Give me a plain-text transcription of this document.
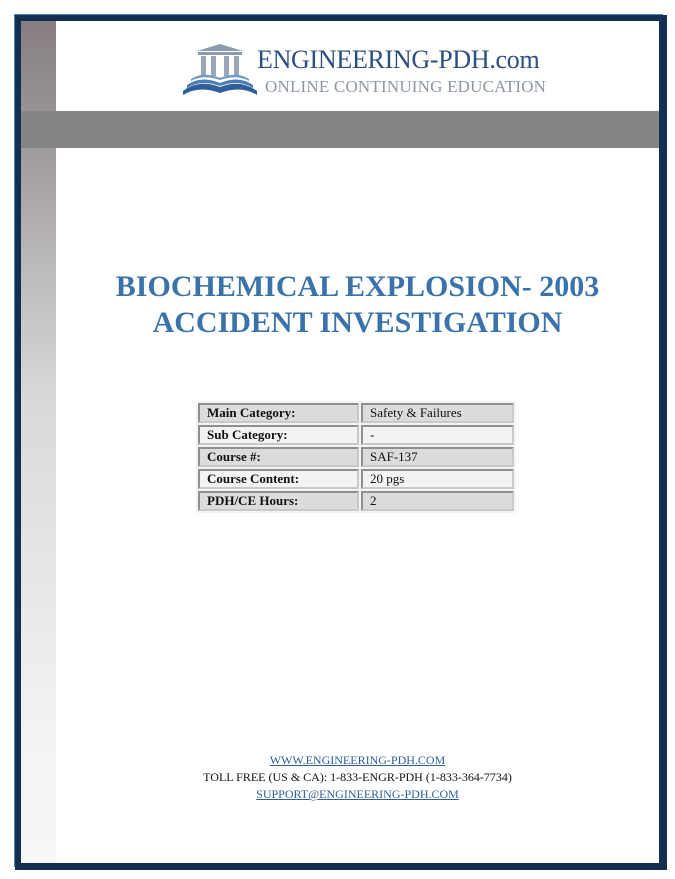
ENGINEERING-PDH.com
ONLINE CONTINUING EDUCATION
BIOCHEMICAL EXPLOSION- 2003
ACCIDENT INVESTIGATION
Main Category:	Safety & Failures
Sub Category:	-
Course #:	SAF-137
Course Content:	20 pgs
PDH/CE Hours:	2
WWW.ENGINEERING-PDH.COM
TOLL FREE (US & CA): 1-833-ENGR-PDH (1-833-364-7734)
SUPPORT@ENGINEERING-PDH.COM
